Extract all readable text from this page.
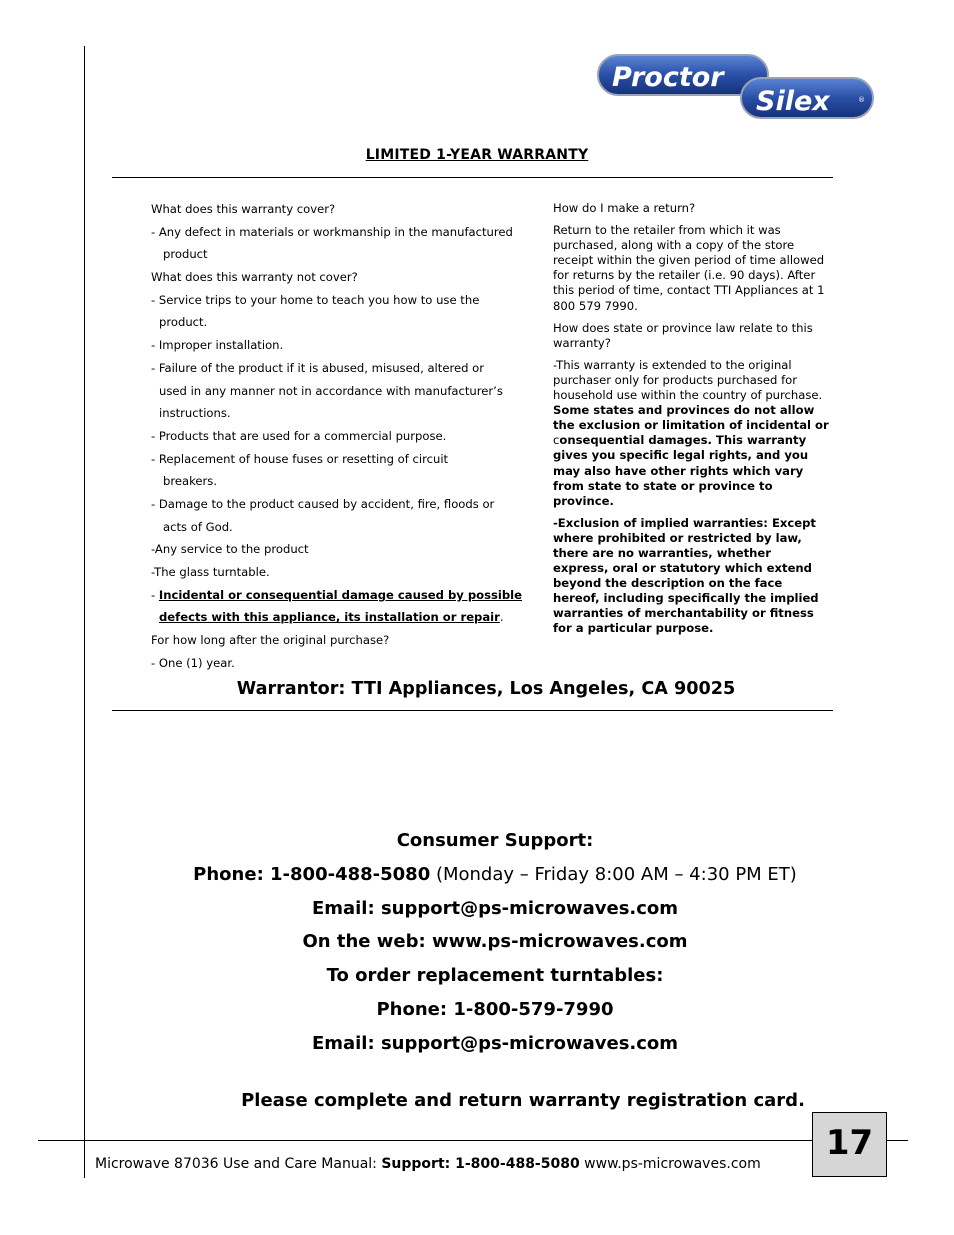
Proctor
Silex	®
LIMITED 1-YEAR WARRANTY
What does this warranty cover?
- Any defect in materials or workmanship in the manufactured
product
What does this warranty not cover?
- Service trips to your home to teach you how to use the
product.
- Improper installation.
- Failure of the product if it is abused, misused, altered or
used in any manner not in accordance with manufacturer’s
instructions.
- Products that are used for a commercial purpose.
- Replacement of house fuses or resetting of circuit
breakers.
- Damage to the product caused by accident, fire, floods or
acts of God.
-Any service to the product
-The glass turntable.
- Incidental or consequential damage caused by possible
defects with this appliance, its installation or repair.
For how long after the original purchase?
- One (1) year.

How do I make a return?

Return to the retailer from which it was purchased, along with a copy of the store receipt within the given period of time allowed for returns by the retailer (i.e. 90 days). After this period of time, contact TTI Appliances at 1 800 579 7990.

How does state or province law relate to this warranty?

-This warranty is extended to the original purchaser only for products purchased for household use within the country of purchase. Some states and provinces do not allow the exclusion or limitation of incidental or consequential damages. This warranty gives you specific legal rights, and you may also have other rights which vary from state to state or province to province.

-Exclusion of implied warranties: Except where prohibited or restricted by law, there are no warranties, whether express, oral or statutory which extend beyond the description on the face hereof, including specifically the implied warranties of merchantability or fitness for a particular purpose.

Warrantor: TTI Appliances, Los Angeles, CA 90025
Consumer Support:
Phone: 1-800-488-5080 (Monday – Friday 8:00 AM – 4:30 PM ET)
Email: support@ps-microwaves.com
On the web: www.ps-microwaves.com
To order replacement turntables:
Phone: 1-800-579-7990
Email: support@ps-microwaves.com
Please complete and return warranty registration card.
Microwave 87036 Use and Care Manual: Support: 1-800-488-5080 www.ps-microwaves.com
17
